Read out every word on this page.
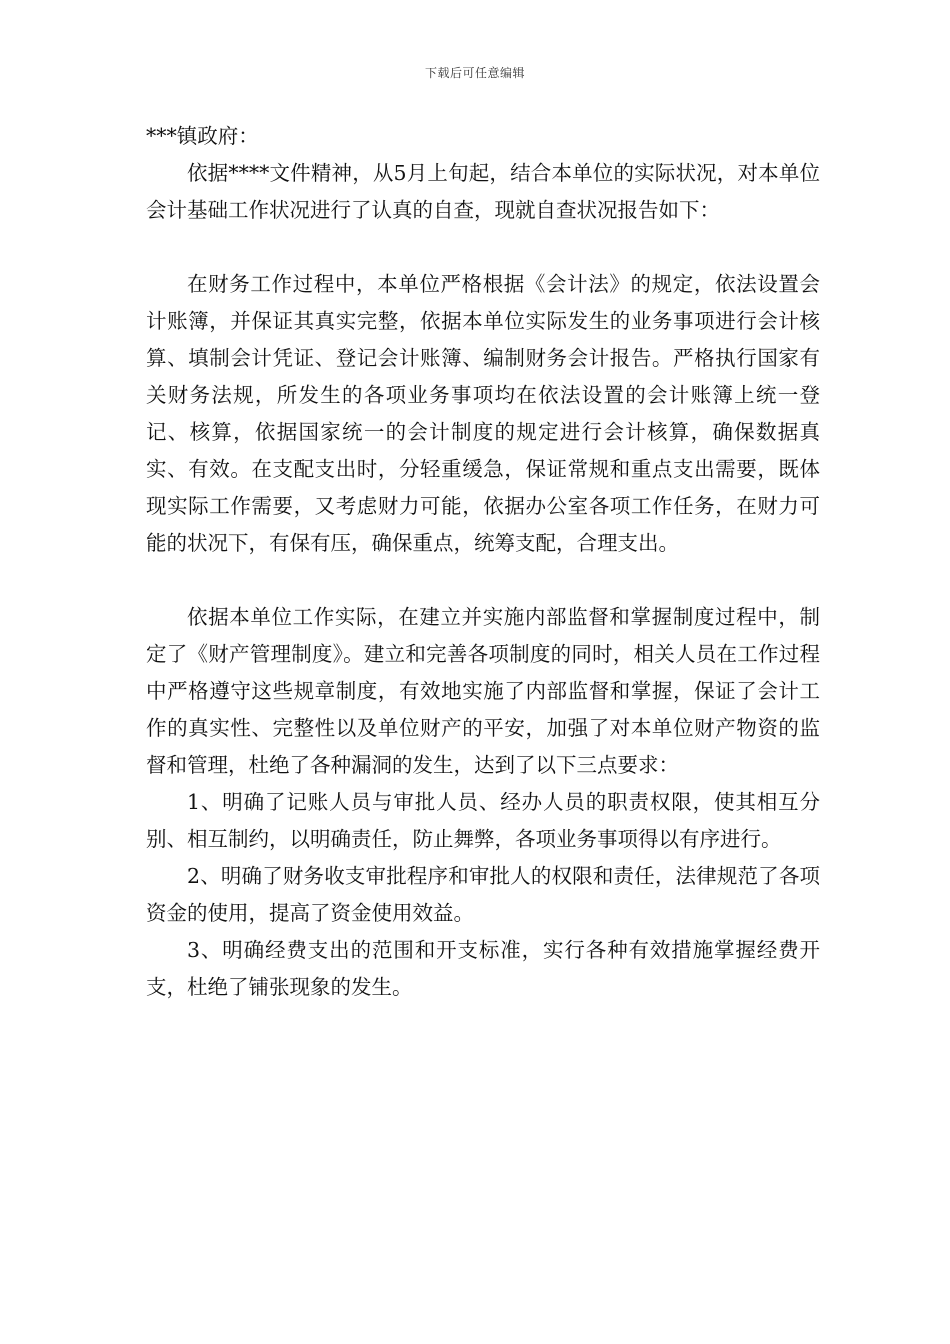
下载后可任意编辑

***镇政府：

依据****文件精神，从5月上旬起，结合本单位的实际状况，对本单位会计基础工作状况进行了认真的自查，现就自查状况报告如下：

在财务工作过程中，本单位严格根据《会计法》的规定，依法设置会计账簿，并保证其真实完整，依据本单位实际发生的业务事项进行会计核算、填制会计凭证、登记会计账簿、编制财务会计报告。严格执行国家有关财务法规，所发生的各项业务事项均在依法设置的会计账簿上统一登记、核算，依据国家统一的会计制度的规定进行会计核算，确保数据真实、有效。在支配支出时，分轻重缓急，保证常规和重点支出需要，既体现实际工作需要，又考虑财力可能，依据办公室各项工作任务，在财力可能的状况下，有保有压，确保重点，统筹支配，合理支出。

依据本单位工作实际，在建立并实施内部监督和掌握制度过程中，制定了《财产管理制度》。建立和完善各项制度的同时，相关人员在工作过程中严格遵守这些规章制度，有效地实施了内部监督和掌握，保证了会计工作的真实性、完整性以及单位财产的平安，加强了对本单位财产物资的监督和管理，杜绝了各种漏洞的发生，达到了以下三点要求：

1、明确了记账人员与审批人员、经办人员的职责权限，使其相互分别、相互制约，以明确责任，防止舞弊，各项业务事项得以有序进行。

2、明确了财务收支审批程序和审批人的权限和责任，法律规范了各项资金的使用，提高了资金使用效益。

3、明确经费支出的范围和开支标准，实行各种有效措施掌握经费开支，杜绝了铺张现象的发生。
